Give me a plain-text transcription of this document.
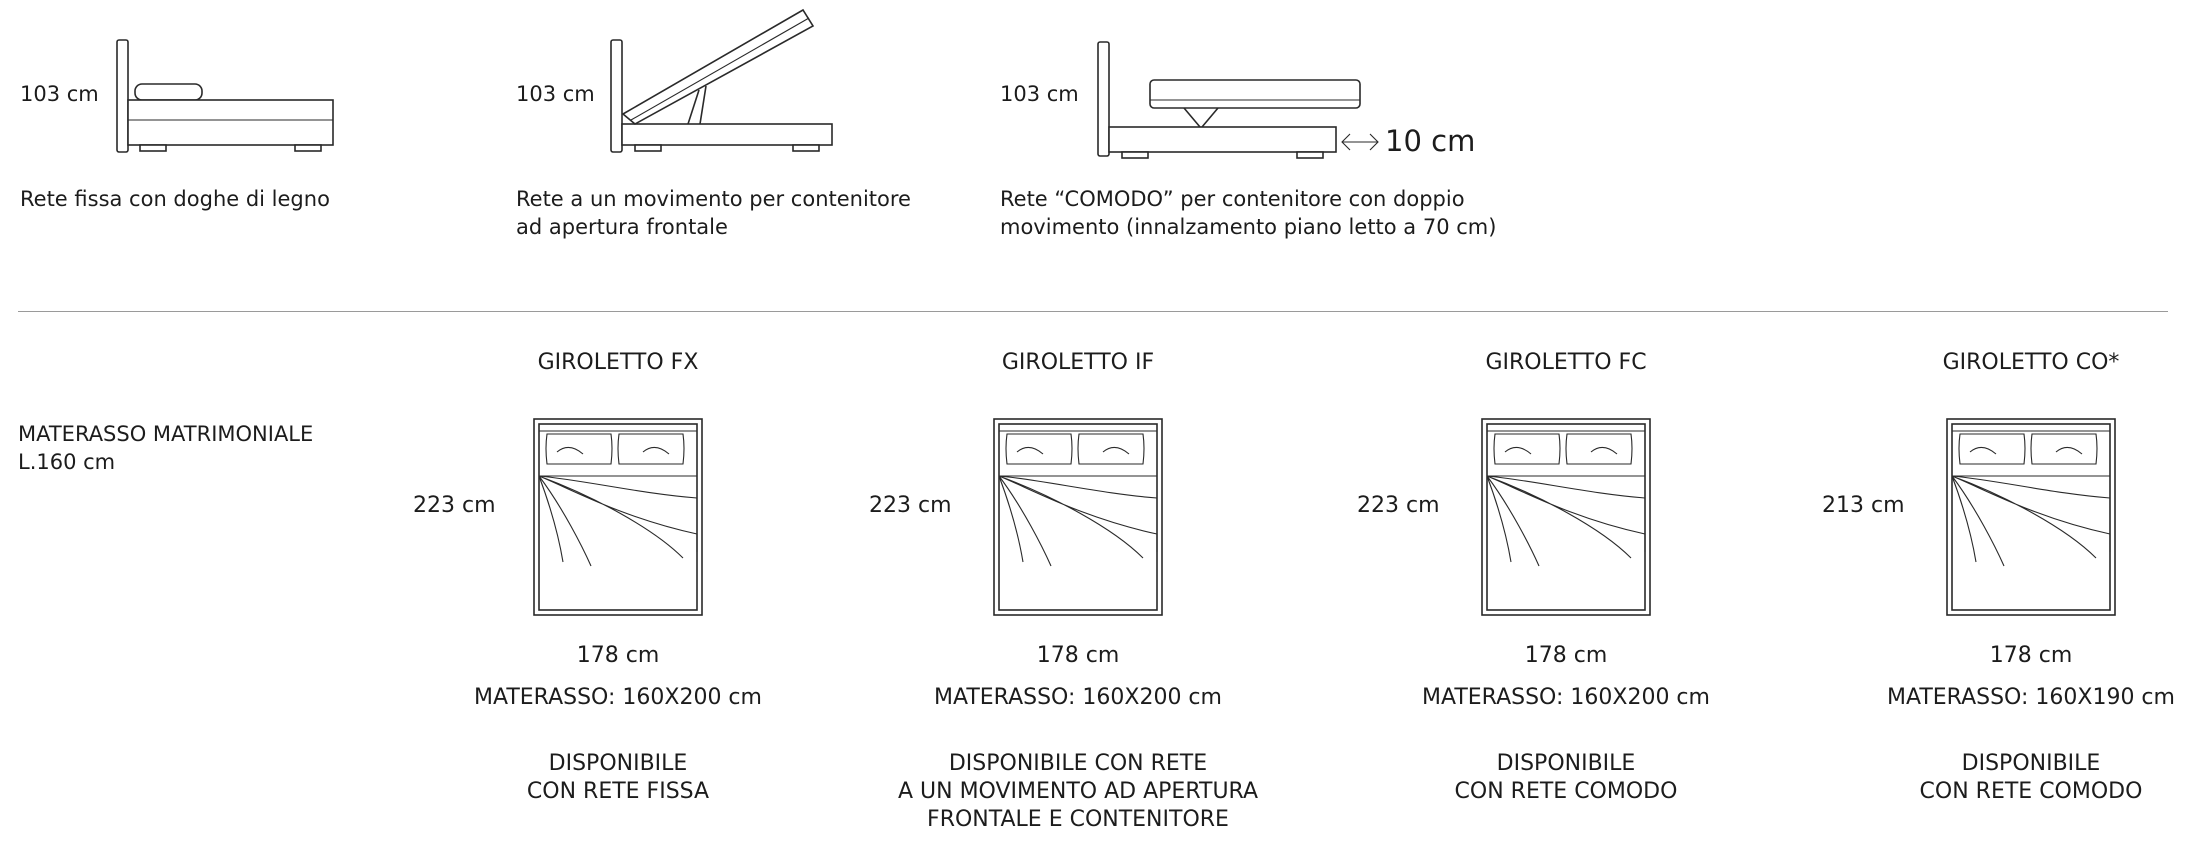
103 cm
Rete fissa con doghe di legno
103 cm
Rete a un movimento per contenitore
ad apertura frontale
103 cm
10 cm
Rete “COMODO” per contenitore con doppio
movimento (innalzamento piano letto a 70 cm)
MATERASSO MATRIMONIALE
L.160 cm
GIROLETTO FX
223 cm
178 cm
MATERASSO: 160X200 cm
DISPONIBILE
CON RETE FISSA
GIROLETTO IF
223 cm
178 cm
MATERASSO: 160X200 cm
DISPONIBILE CON RETE
A UN MOVIMENTO AD APERTURA
FRONTALE E CONTENITORE
GIROLETTO FC
223 cm
178 cm
MATERASSO: 160X200 cm
DISPONIBILE
CON RETE COMODO
GIROLETTO CO*
213 cm
178 cm
MATERASSO: 160X190 cm
DISPONIBILE
CON RETE COMODO
